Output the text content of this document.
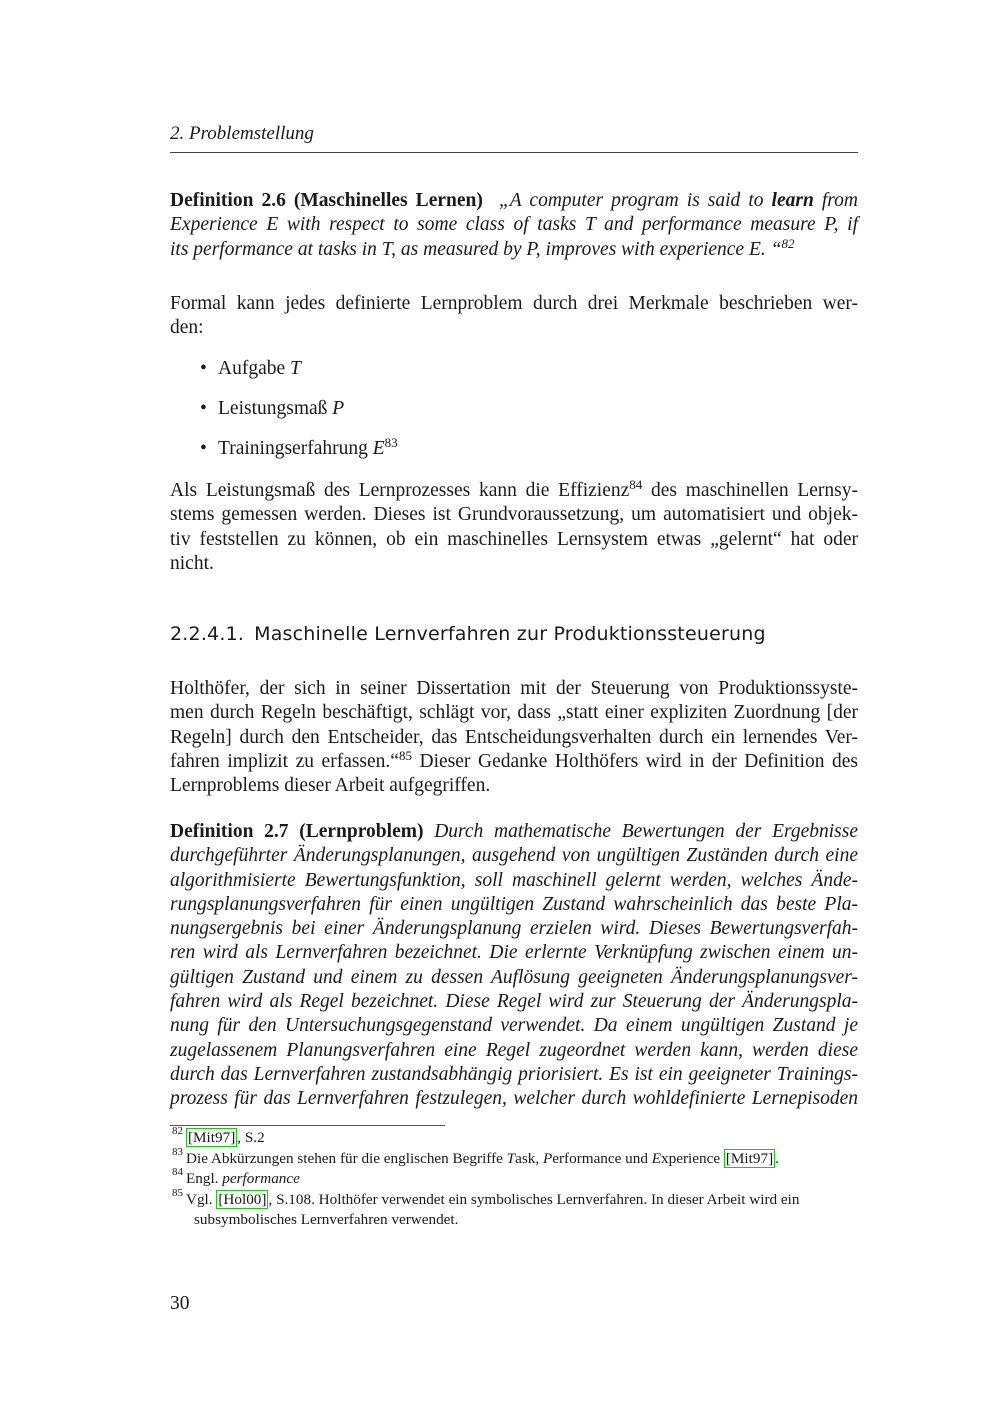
2. Problemstellung
Definition 2.6 (Maschinelles Lernen) „A computer program is said to learn from
Experience E with respect to some class of tasks T and performance measure P, if
its performance at tasks in T, as measured by P, improves with experience E. “$^{82}$
Formal kann jedes definierte Lernproblem durch drei Merkmale beschrieben wer-
den:
• Aufgabe T
• Leistungsmaß P
• Trainingserfahrung $E^{83}$
Als Leistungsmaß des Lernprozesses kann die Effizienz$^{84}$ des maschinellen Lernsy-
stems gemessen werden. Dieses ist Grundvoraussetzung, um automatisiert und objek-
tiv feststellen zu können, ob ein maschinelles Lernsystem etwas „gelernt“ hat oder
nicht.
2.2.4.1. Maschinelle Lernverfahren zur Produktionssteuerung
Holthöfer, der sich in seiner Dissertation mit der Steuerung von Produktionssyste-
men durch Regeln beschäftigt, schlägt vor, dass „statt einer expliziten Zuordnung [der
Regeln] durch den Entscheider, das Entscheidungsverhalten durch ein lernendes Ver-
fahren implizit zu erfassen.“$^{85}$ Dieser Gedanke Holthöfers wird in der Definition des
Lernproblems dieser Arbeit aufgegriffen.
Definition 2.7 (Lernproblem) Durch mathematische Bewertungen der Ergebnisse
durchgeführter Änderungsplanungen, ausgehend von ungültigen Zuständen durch eine
algorithmisierte Bewertungsfunktion, soll maschinell gelernt werden, welches Ände-
rungsplanungsverfahren für einen ungültigen Zustand wahrscheinlich das beste Pla-
nungsergebnis bei einer Änderungsplanung erzielen wird. Dieses Bewertungsverfah-
ren wird als Lernverfahren bezeichnet. Die erlernte Verknüpfung zwischen einem un-
gültigen Zustand und einem zu dessen Auflösung geeigneten Änderungsplanungsver-
fahren wird als Regel bezeichnet. Diese Regel wird zur Steuerung der Änderungspla-
nung für den Untersuchungsgegenstand verwendet. Da einem ungültigen Zustand je
zugelassenem Planungsverfahren eine Regel zugeordnet werden kann, werden diese
durch das Lernverfahren zustandsabhängig priorisiert. Es ist ein geeigneter Trainings-
prozess für das Lernverfahren festzulegen, welcher durch wohldefinierte Lernepisoden
82 [Mit97] , S.2
83 Die Abkürzungen stehen für die englischen Begriffe Task, Performance und Experience [Mit97] .
84 Engl. performance
85 Vgl. [Hol00] , S.108. Holthöfer verwendet ein symbolisches Lernverfahren. In dieser Arbeit wird ein
subsymbolisches Lernverfahren verwendet.
30
